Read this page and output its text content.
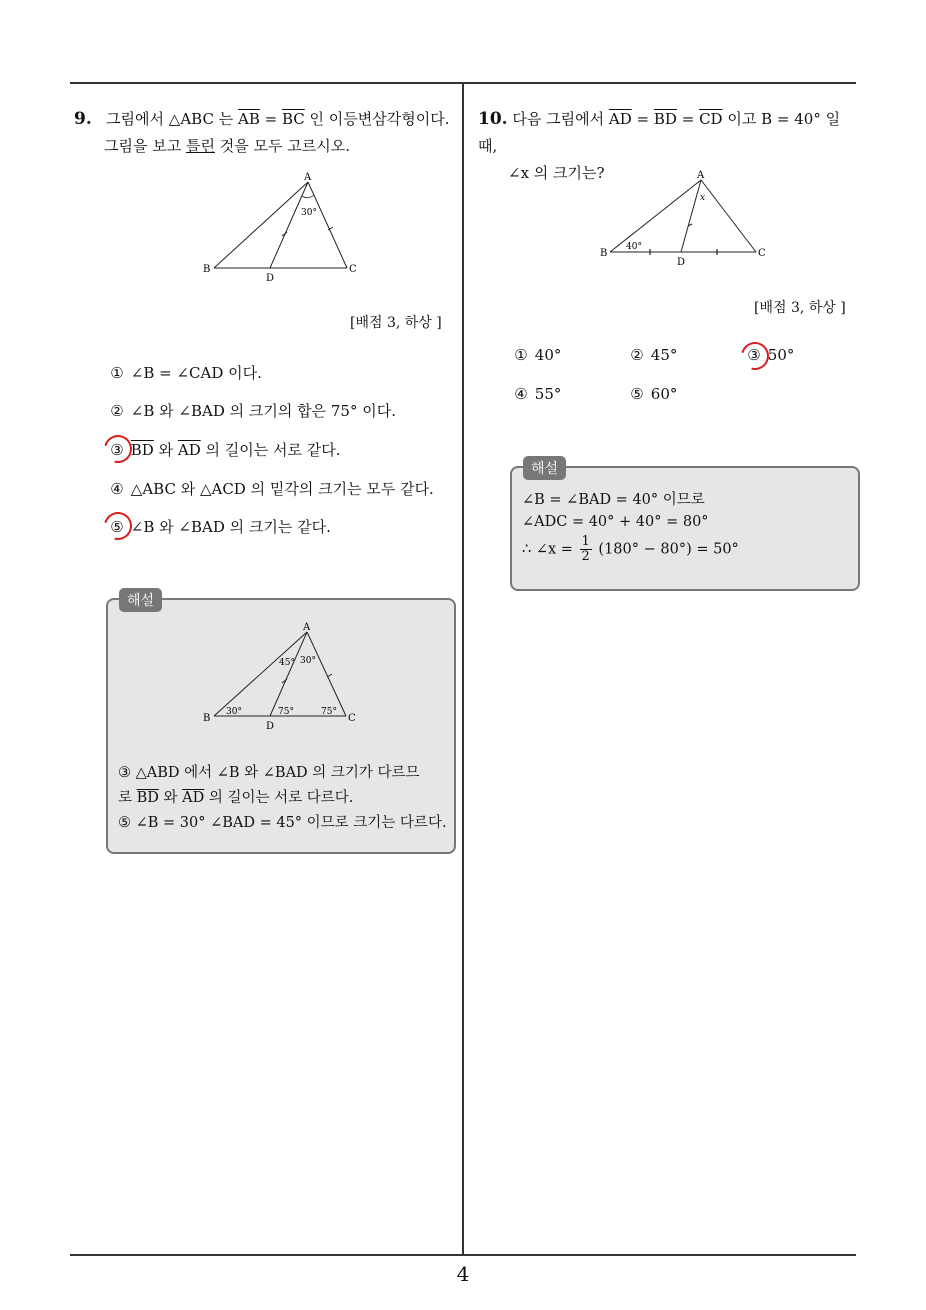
9. 그림에서 △ABC 는 $\overline{AB} = \overline{BC}$ 인 이등변삼각형이다.
그림을 보고 틀린 것을 모두 고르시오.
A
B	C
D
30°
[배점 3, 하상 ]
① ∠B = ∠CAD 이다.
② ∠B 와 ∠BAD 의 크기의 합은 75° 이다.
③ $\overline{BD}$ 와 $\overline{AD}$ 의 길이는 서로 같다.
④ △ABC 와 △ACD 의 밑각의 크기는 모두 같다.
⑤ ∠B 와 ∠BAD 의 크기는 같다.
해설
A
B	C
D
45° 30°
30°	75°	75°
③ △ABD 에서 ∠B 와 ∠BAD 의 크기가 다르므
로 $\overline{BD}$ 와 $\overline{AD}$ 의 길이는 서로 다르다.
⑤ ∠B = 30° ∠BAD = 45° 이므로 크기는 다르다.
10. 다음 그림에서 $\overline{AD} = \overline{BD} = \overline{CD}$ 이고 B = 40° 일 때,
∠x 의 크기는?	A
B	C
D
40°
x
[배점 3, 하상 ]
① 40°	② 45°	③ 50°
④ 55°	⑤ 60°
해설
∠B = ∠BAD = 40° 이므로
∠ADC = 40° + 40° = 80°
∴ ∠x = $\frac{1}{2} (180^\circ - 80^\circ) = 50^\circ$
4
